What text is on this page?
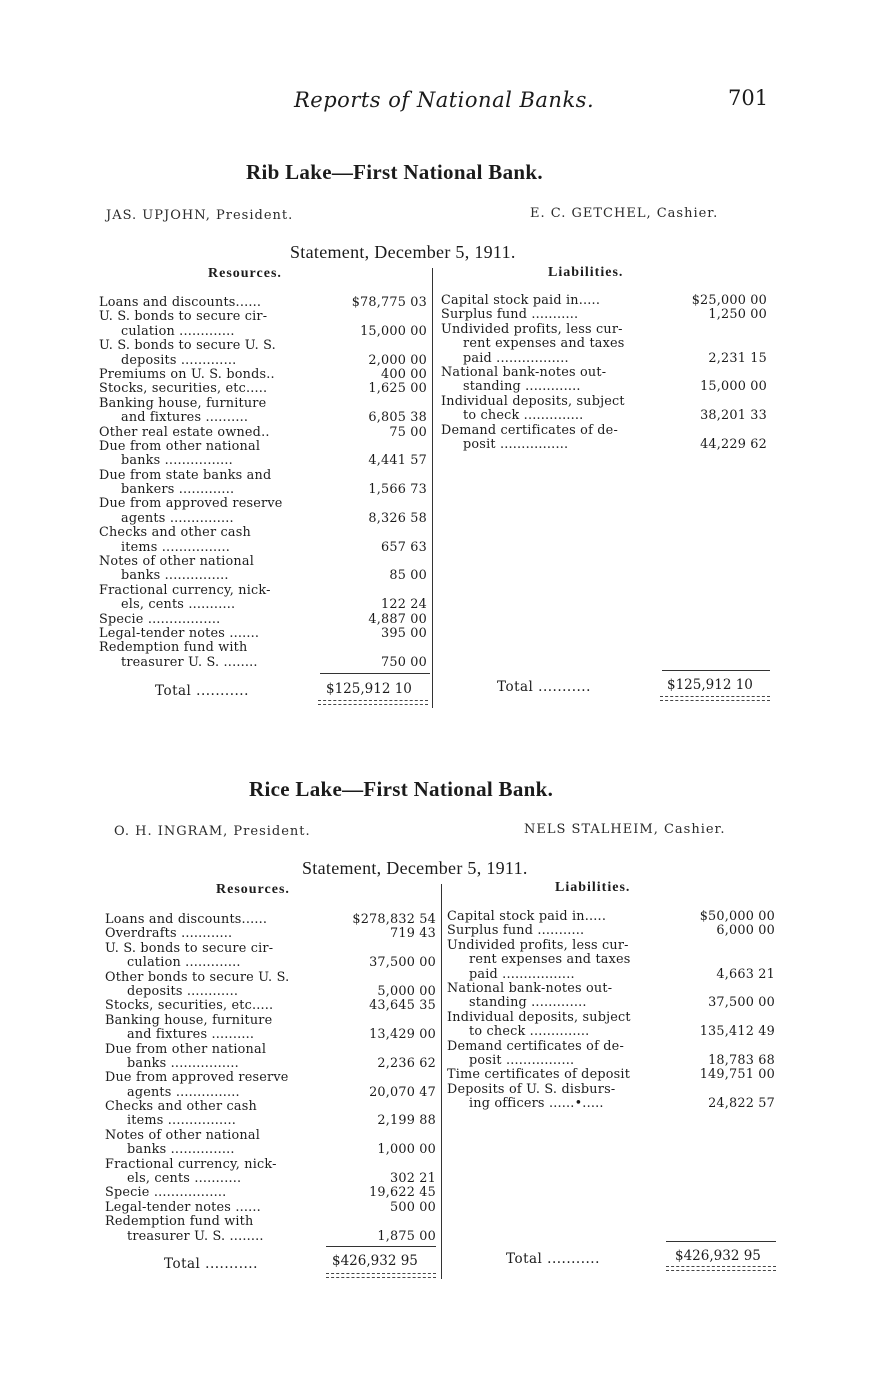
Reports of National Banks.	701
Rib Lake—First National Bank.
JAS. UPJOHN, President.	E. C. GETCHEL, Cashier.
Statement, December 5, 1911.
Resources.	Liabilities.
Loans and discounts......	$78,775 03
U. S. bonds to secure cir-
culation .............	15,000 00
U. S. bonds to secure U. S.
deposits .............	2,000 00
Premiums on U. S. bonds..	400 00
Stocks, securities, etc.....	1,625 00
Banking house, furniture
and fixtures ..........	6,805 38
Other real estate owned..	75 00
Due from other national
banks ................	4,441 57
Due from state banks and
bankers .............	1,566 73
Due from approved reserve
agents ...............	8,326 58
Checks and other cash
items ................	657 63
Notes of other national
banks ...............	85 00
Fractional currency, nick-
els, cents ...........	122 24
Specie .................	4,887 00
Legal-tender notes .......	395 00
Redemption fund with
treasurer U. S. ........	750 00
Capital stock paid in.....	$25,000 00
Surplus fund ...........	1,250 00
Undivided profits, less cur-
rent expenses and taxes
paid .................	2,231 15
National bank-notes out-
standing .............	15,000 00
Individual deposits, subject
to check ..............	38,201 33
Demand certificates of de-
posit ................	44,229 62
Total ...........	$125,912 10	Total ...........	$125,912 10
Rice Lake—First National Bank.
O. H. INGRAM, President.	NELS STALHEIM, Cashier.
Statement, December 5, 1911.
Resources.	Liabilities.
Loans and discounts......	$278,832 54
Overdrafts ............	719 43
U. S. bonds to secure cir-
culation .............	37,500 00
Other bonds to secure U. S.
deposits ............	5,000 00
Stocks, securities, etc.....	43,645 35
Banking house, furniture
and fixtures ..........	13,429 00
Due from other national
banks ................	2,236 62
Due from approved reserve
agents ...............	20,070 47
Checks and other cash
items ................	2,199 88
Notes of other national
banks ...............	1,000 00
Fractional currency, nick-
els, cents ...........	302 21
Specie .................	19,622 45
Legal-tender notes ......	500 00
Redemption fund with
treasurer U. S. ........	1,875 00
Capital stock paid in.....	$50,000 00
Surplus fund ...........	6,000 00
Undivided profits, less cur-
rent expenses and taxes
paid .................	4,663 21
National bank-notes out-
standing .............	37,500 00
Individual deposits, subject
to check ..............	135,412 49
Demand certificates of de-
posit ................	18,783 68
Time certificates of deposit	149,751 00
Deposits of U. S. disburs-
ing officers ......•.....	24,822 57
Total ...........	$426,932 95	Total ...........	$426,932 95
